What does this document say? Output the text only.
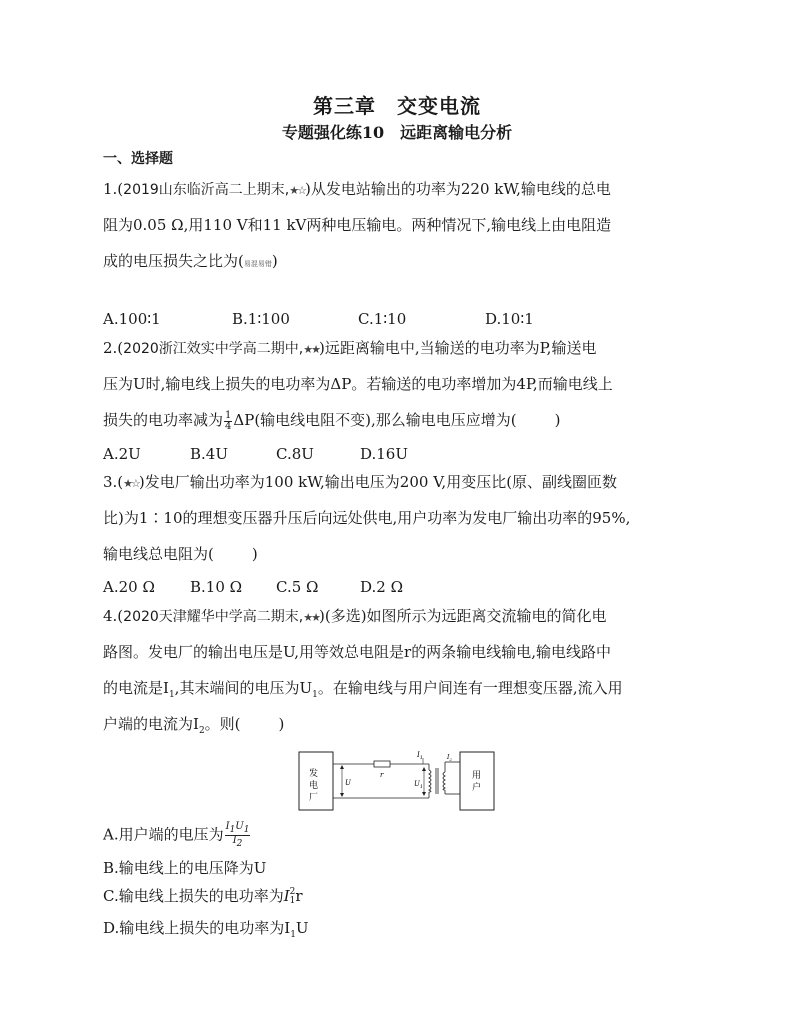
第三章　交变电流
专题强化练10　远距离输电分析
一、选择题
1.(2019山东临沂高二上期末,★☆)从发电站输出的功率为220 kW,输电线的总电
阻为0.05 Ω,用110 V和11 kV两种电压输电。两种情况下,输电线上由电阻造
成的电压损失之比为(易混易错)
A.100∶1	B.1∶100	C.1∶10	D.10∶1
2.(2020浙江效实中学高二期中,★★)远距离输电中,当输送的电功率为P,输送电
压为U时,输电线上损失的电功率为ΔP。若输送的电功率增加为4P,而输电线上
损失的电功率减为 $\frac{1}{4} \Delta P$(输电线电阻不变),那么输电电压应增为(	)
A.2U	B.4U	C.8U	D.16U
3.(★☆)发电厂输出功率为100 kW,输出电压为200 V,用变压比(原、副线圈匝数
比)为1∶10的理想变压器升压后向远处供电,用户功率为发电厂输出功率的95%,
输电线总电阻为(	)
A.20 Ω B.10 Ω C.5 Ω	D.2 Ω
4.(2020天津耀华中学高二期末,★★)(多选)如图所示为远距离交流输电的简化电
路图。发电厂的输出电压是U,用等效总电阻是r的两条输电线输电,输电线路中
的电流是$I_1$,其末端间的电压为$U_1$。在输电线与用户间连有一理想变压器,流入用
户端的电流为$I_2$。则(	)
发
电
厂
r
U
$I_1$
$U_1$
$I_2$
用
户
A.用户端的电压为 $\frac{I_1U_1}{I_2}$
B.输电线上的电压降为U
C.输电线上损失的电功率为I 2
1 r
D.输电线上损失的电功率为$I_1U$
